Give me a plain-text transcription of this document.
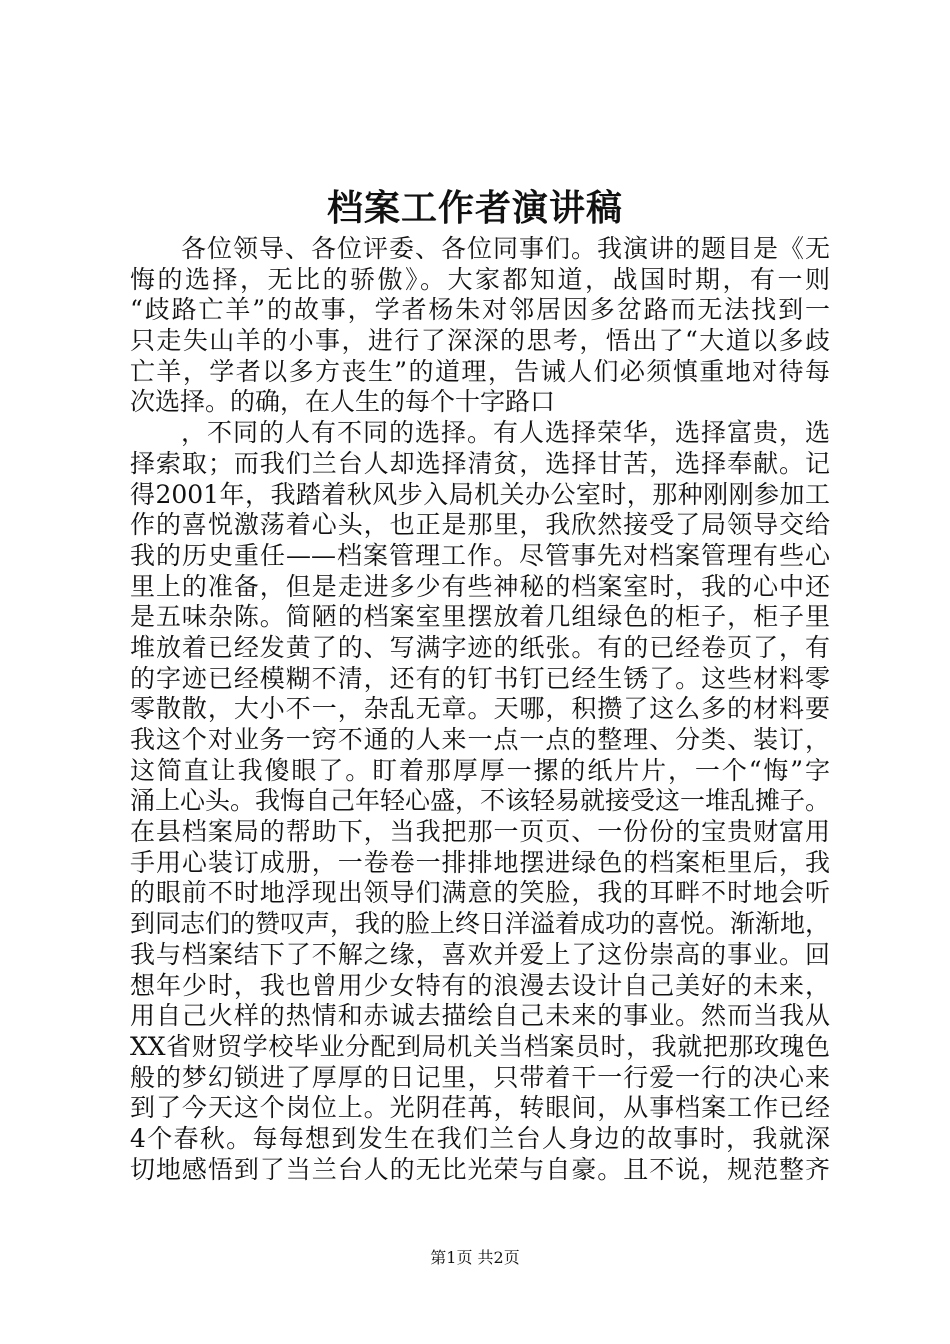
档案工作者演讲稿
各位领导、各位评委、各位同事们。我演讲的题目是《无
悔的选择，无比的骄傲》。大家都知道，战国时期，有一则
“歧路亡羊”的故事，学者杨朱对邻居因多岔路而无法找到一
只走失山羊的小事，进行了深深的思考，悟出了“大道以多歧
亡羊，学者以多方丧生”的道理，告诫人们必须慎重地对待每
次选择。的确，在人生的每个十字路口
，不同的人有不同的选择。有人选择荣华，选择富贵，选
择索取；而我们兰台人却选择清贫，选择甘苦，选择奉献。记
得2001年，我踏着秋风步入局机关办公室时，那种刚刚参加工
作的喜悦激荡着心头，也正是那里，我欣然接受了局领导交给
我的历史重任——档案管理工作。尽管事先对档案管理有些心
里上的准备，但是走进多少有些神秘的档案室时，我的心中还
是五味杂陈。简陋的档案室里摆放着几组绿色的柜子，柜子里
堆放着已经发黄了的、写满字迹的纸张。有的已经卷页了，有
的字迹已经模糊不清，还有的钉书钉已经生锈了。这些材料零
零散散，大小不一，杂乱无章。天哪，积攒了这么多的材料要
我这个对业务一窍不通的人来一点一点的整理、分类、装订，
这简直让我傻眼了。盯着那厚厚一摞的纸片片，一个“悔”字
涌上心头。我悔自己年轻心盛，不该轻易就接受这一堆乱摊子。
在县档案局的帮助下，当我把那一页页、一份份的宝贵财富用
手用心装订成册，一卷卷一排排地摆进绿色的档案柜里后，我
的眼前不时地浮现出领导们满意的笑脸，我的耳畔不时地会听
到同志们的赞叹声，我的脸上终日洋溢着成功的喜悦。渐渐地，
我与档案结下了不解之缘，喜欢并爱上了这份崇高的事业。回
想年少时，我也曾用少女特有的浪漫去设计自己美好的未来，
用自己火样的热情和赤诚去描绘自己未来的事业。然而当我从
XX省财贸学校毕业分配到局机关当档案员时，我就把那玫瑰色
般的梦幻锁进了厚厚的日记里，只带着干一行爱一行的决心来
到了今天这个岗位上。光阴荏苒，转眼间，从事档案工作已经
4个春秋。每每想到发生在我们兰台人身边的故事时，我就深
切地感悟到了当兰台人的无比光荣与自豪。且不说，规范整齐
第1页 共2页
